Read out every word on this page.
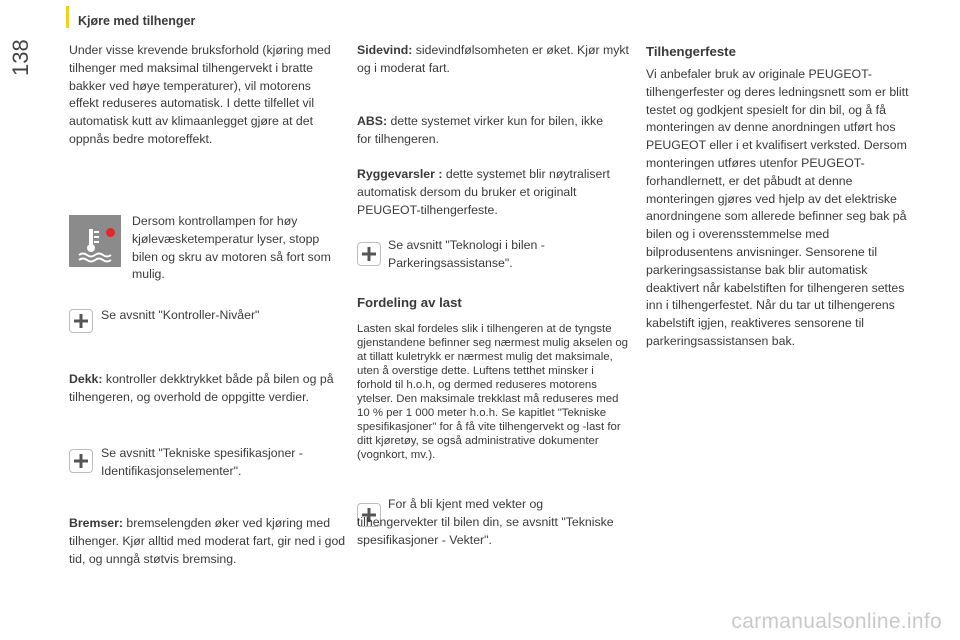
Kjøre med tilhenger
138	Under visse krevende bruksforhold (kjøring med tilhenger med maksimal tilhengervekt i bratte bakker ved høye temperaturer), vil motorens effekt reduseres automatisk. I dette tilfellet vil automatisk kutt av klimaanlegget gjøre at det oppnås bedre motoreffekt.

Dersom kontrollampen for høy kjølevæsketemperatur lyser, stopp bilen og skru av motoren så fort som mulig.

Se avsnitt "Kontroller-Nivåer"

Dekk: kontroller dekktrykket både på bilen og på tilhengeren, og overhold de oppgitte verdier.

Se avsnitt "Tekniske spesifikasjoner -Identifikasjonselementer".

Bremser: bremselengden øker ved kjøring med tilhenger. Kjør alltid med moderat fart, gir ned i god tid, og unngå støtvis bremsing.

Sidevind: sidevindfølsomheten er øket. Kjør mykt og i moderat fart.

ABS: dette systemet virker kun for bilen, ikke for tilhengeren.

Ryggevarsler : dette systemet blir nøytralisert automatisk dersom du bruker et originalt PEUGEOT-tilhengerfeste.

Se avsnitt "Teknologi i bilen - Parkeringsassistanse".

Fordeling av last

Lasten skal fordeles slik i tilhengeren at de tyngste gjenstandene befinner seg nærmest mulig akselen og at tillatt kuletrykk er nærmest mulig det maksimale, uten å overstige dette. Luftens tetthet minsker i forhold til h.o.h, og dermed reduseres motorens ytelser. Den maksimale trekklast må reduseres med 10 % per 1 000 meter h.o.h. Se kapitlet "Tekniske spesifikasjoner" for å få vite tilhengervekt og -last for ditt kjøretøy, se også administrative dokumenter (vognkort, mv.).

For å bli kjent med vekter og tilhengervekter til bilen din, se avsnitt "Tekniske spesifikasjoner - Vekter".

Tilhengerfeste

Vi anbefaler bruk av originale PEUGEOT-tilhengerfester og deres ledningsnett som er blitt testet og godkjent spesielt for din bil, og å få monteringen av denne anordningen utført hos PEUGEOT eller i et kvalifisert verksted. Dersom monteringen utføres utenfor PEUGEOT-forhandlernett, er det påbudt at denne monteringen gjøres ved hjelp av det elektriske anordningene som allerede befinner seg bak på bilen og i overensstemmelse med bilprodusentens anvisninger. Sensorene til parkeringsassistanse bak blir automatisk deaktivert når kabelstiften for tilhengeren settes inn i tilhengerfestet. Når du tar ut tilhengerens kabelstift igjen, reaktiveres sensorene til parkeringsassistansen bak.

carmanualsonline.info
